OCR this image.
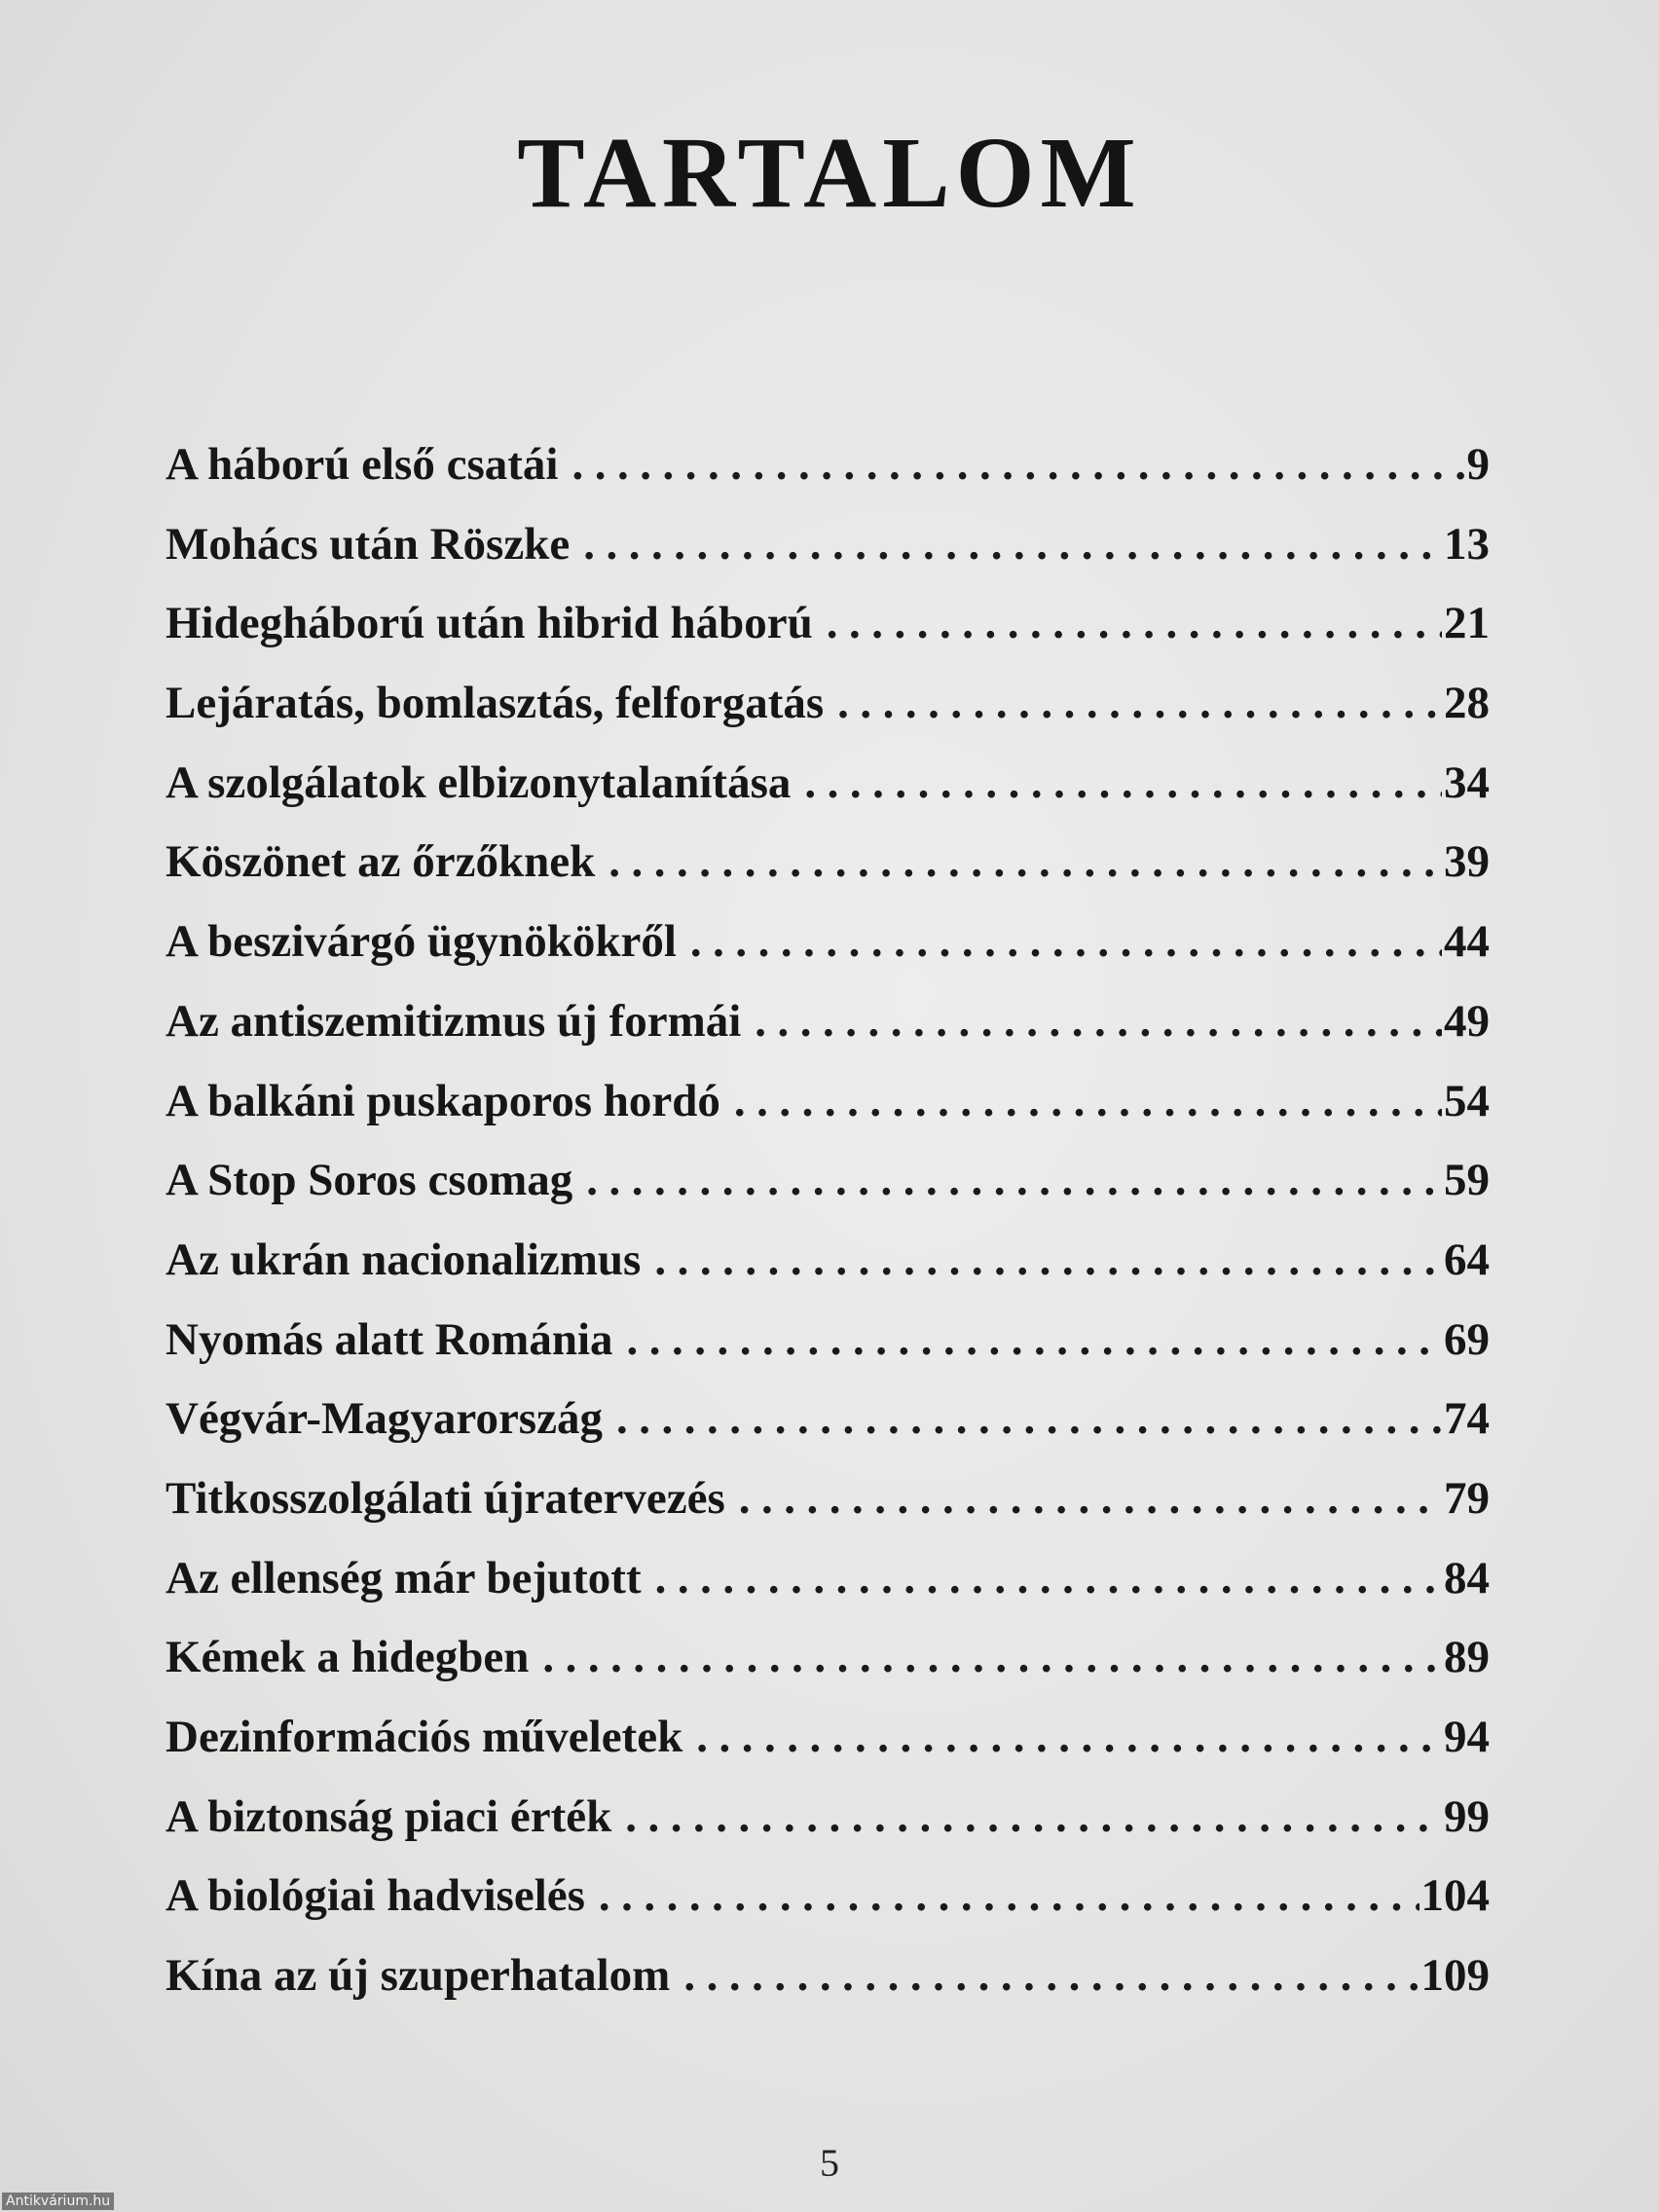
TARTALOM
A háború első csatái .....	9
Mohács után Röszke .....	13
Hidegháború után hibrid háború .....	21
Lejáratás, bomlasztás, felforgatás .....	28
A szolgálatok elbizonytalanítása .....	34
Köszönet az őrzőknek .....	39
A beszivárgó ügynökökről .....	44
Az antiszemitizmus új formái .....	49
A balkáni puskaporos hordó .....	54
A Stop Soros csomag .....	59
Az ukrán nacionalizmus .....	64
Nyomás alatt Románia .....	69
Végvár-Magyarország .....	74
Titkosszolgálati újratervezés .....	79
Az ellenség már bejutott .....	84
Kémek a hidegben .....	89
Dezinformációs műveletek .....	94
A biztonság piaci érték .....	99
A biológiai hadviselés .....	104
Kína az új szuperhatalom .....	109
5
Antikvárium.hu
